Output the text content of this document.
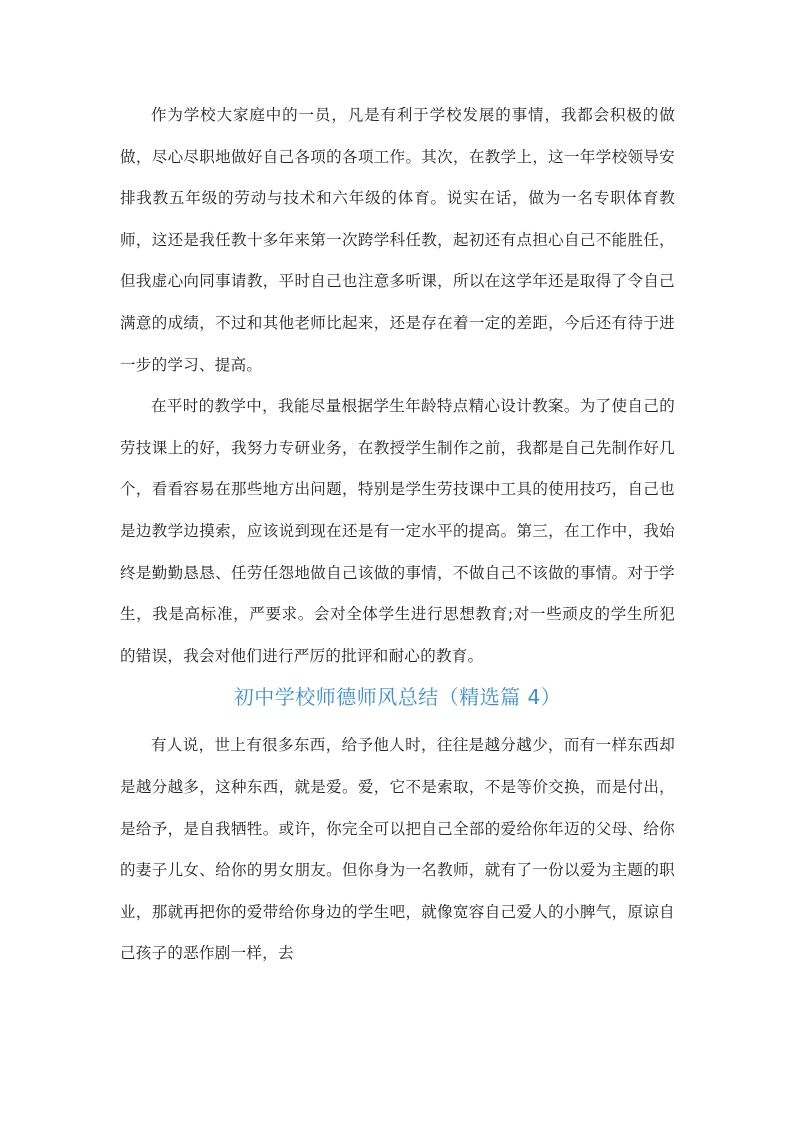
作为学校大家庭中的一员，凡是有利于学校发展的事情，我都会积极的做做，尽心尽职地做好自己各项的各项工作。其次，在教学上，这一年学校领导安排我教五年级的劳动与技术和六年级的体育。说实在话，做为一名专职体育教师，这还是我任教十多年来第一次跨学科任教，起初还有点担心自己不能胜任，但我虚心向同事请教，平时自己也注意多听课，所以在这学年还是取得了令自己满意的成绩，不过和其他老师比起来，还是存在着一定的差距，今后还有待于进一步的学习、提高。

在平时的教学中，我能尽量根据学生年龄特点精心设计教案。为了使自己的劳技课上的好，我努力专研业务，在教授学生制作之前，我都是自己先制作好几个，看看容易在那些地方出问题，特别是学生劳技课中工具的使用技巧，自己也是边教学边摸索，应该说到现在还是有一定水平的提高。第三，在工作中，我始终是勤勤恳恳、任劳任怨地做自己该做的事情，不做自己不该做的事情。对于学生，我是高标准，严要求。会对全体学生进行思想教育;对一些顽皮的学生所犯的错误，我会对他们进行严厉的批评和耐心的教育。

初中学校师德师风总结（精选篇 4）

有人说，世上有很多东西，给予他人时，往往是越分越少，而有一样东西却是越分越多，这种东西，就是爱。爱，它不是索取，不是等价交换，而是付出，是给予，是自我牺牲。或许，你完全可以把自己全部的爱给你年迈的父母、给你的妻子儿女、给你的男女朋友。但你身为一名教师，就有了一份以爱为主题的职业，那就再把你的爱带给你身边的学生吧，就像宽容自己爱人的小脾气，原谅自己孩子的恶作剧一样，去
